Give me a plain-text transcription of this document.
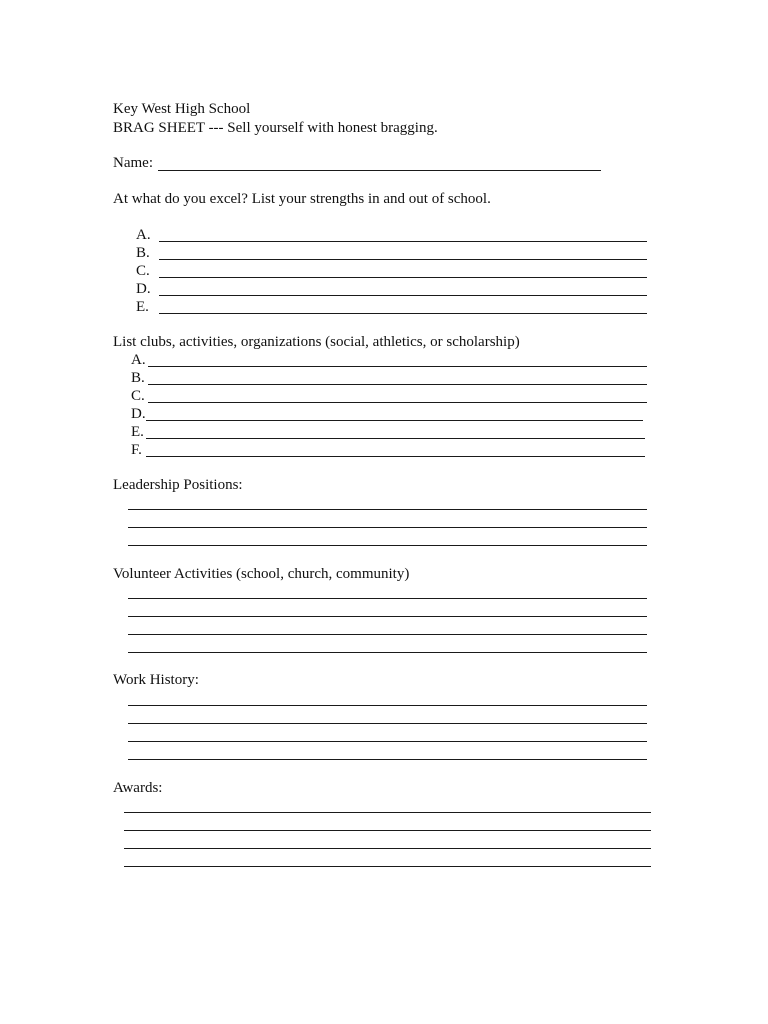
Key West High School
BRAG SHEET --- Sell yourself with honest bragging.
Name:
At what do you excel? List your strengths in and out of school.
A.
B.
C.
D.
E.
List clubs, activities, organizations (social, athletics, or scholarship)
A.
B.
C.
D.
E.
F.
Leadership Positions:
Volunteer Activities (school, church, community)
Work History:
Awards:
